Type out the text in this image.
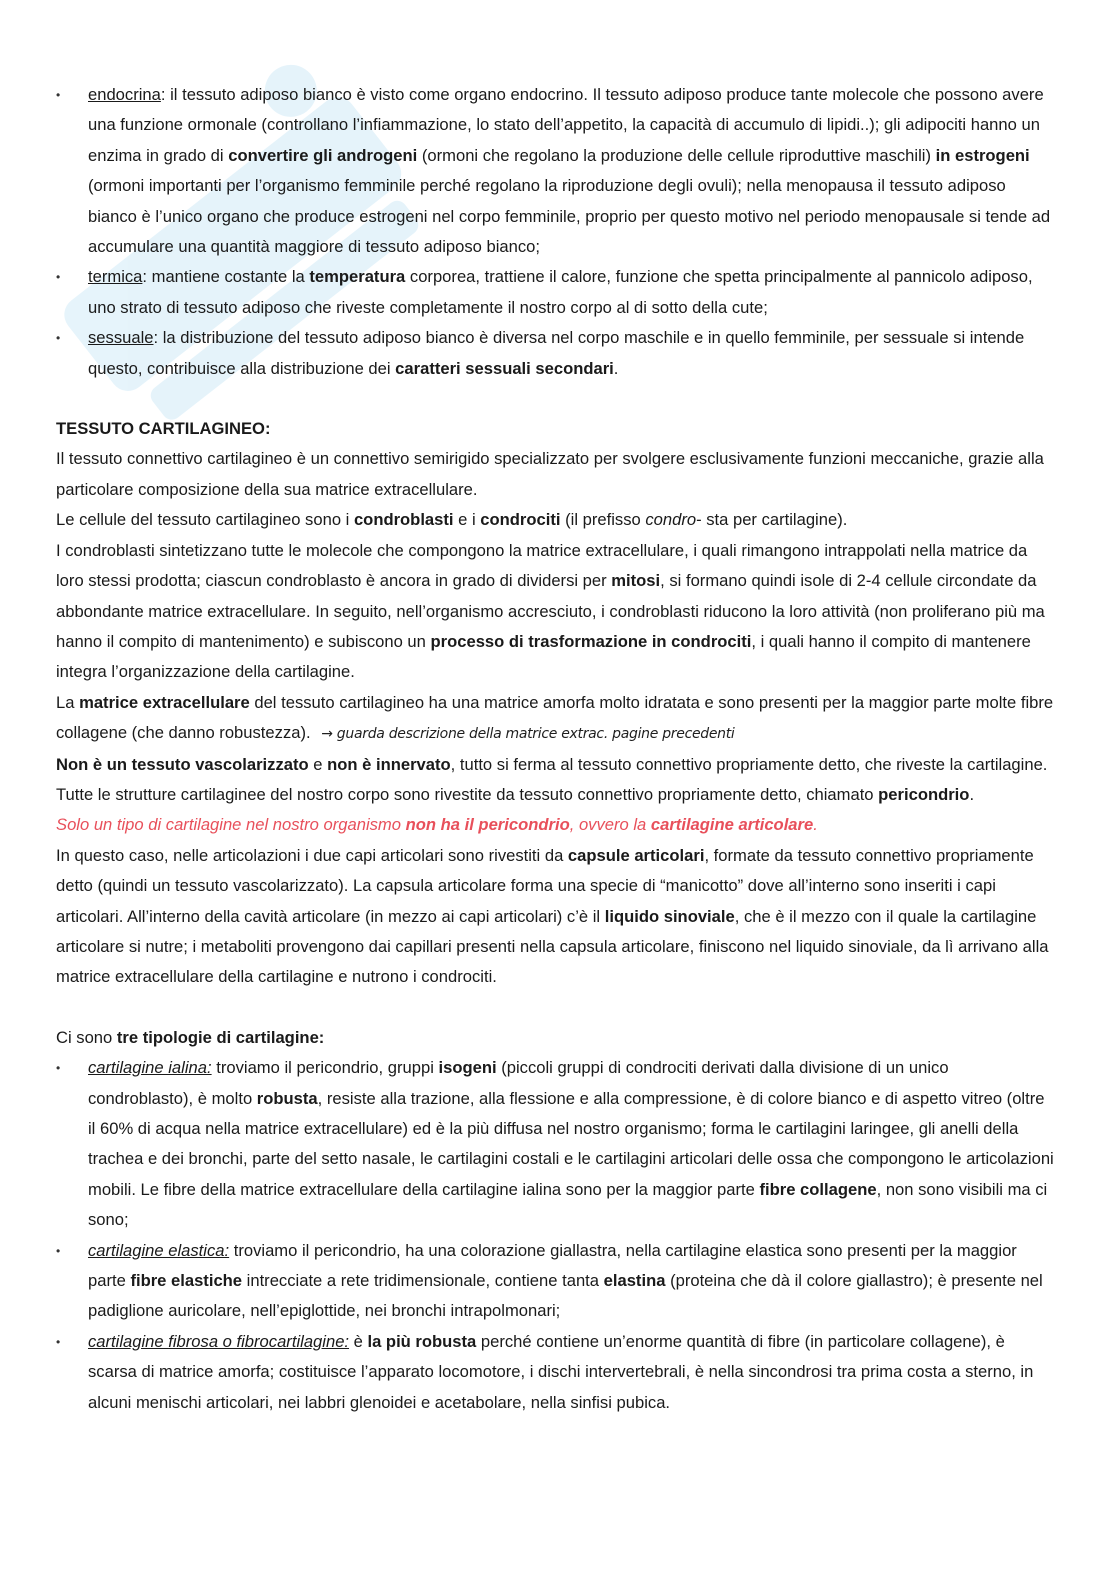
• endocrina: il tessuto adiposo bianco è visto come organo endocrino. Il tessuto adiposo produce tante molecole che possono avere una funzione ormonale (controllano l’infiammazione, lo stato dell’appetito, la capacità di accumulo di lipidi..); gli adipociti hanno un enzima in grado di convertire gli androgeni (ormoni che regolano la produzione delle cellule riproduttive maschili) in estrogeni (ormoni importanti per l’organismo femminile perché regolano la riproduzione degli ovuli); nella menopausa il tessuto adiposo bianco è l’unico organo che produce estrogeni nel corpo femminile, proprio per questo motivo nel periodo menopausale si tende ad accumulare una quantità maggiore di tessuto adiposo bianco;
• termica: mantiene costante la temperatura corporea, trattiene il calore, funzione che spetta principalmente al pannicolo adiposo, uno strato di tessuto adiposo che riveste completamente il nostro corpo al di sotto della cute;
• sessuale: la distribuzione del tessuto adiposo bianco è diversa nel corpo maschile e in quello femminile, per sessuale si intende questo, contribuisce alla distribuzione dei caratteri sessuali secondari.

TESSUTO CARTILAGINEO:

Il tessuto connettivo cartilagineo è un connettivo semirigido specializzato per svolgere esclusivamente funzioni meccaniche, grazie alla particolare composizione della sua matrice extracellulare.

Le cellule del tessuto cartilagineo sono i condroblasti e i condrociti (il prefisso condro- sta per cartilagine).

I condroblasti sintetizzano tutte le molecole che compongono la matrice extracellulare, i quali rimangono intrappolati nella matrice da loro stessi prodotta; ciascun condroblasto è ancora in grado di dividersi per mitosi, si formano quindi isole di 2-4 cellule circondate da abbondante matrice extracellulare. In seguito, nell’organismo accresciuto, i condroblasti riducono la loro attività (non proliferano più ma hanno il compito di mantenimento) e subiscono un processo di trasformazione in condrociti, i quali hanno il compito di mantenere integra l’organizzazione della cartilagine.

La matrice extracellulare del tessuto cartilagineo ha una matrice amorfa molto idratata e sono presenti per la maggior parte molte fibre collagene (che danno robustezza). → guarda descrizione della matrice extrac. pagine precedenti

Non è un tessuto vascolarizzato e non è innervato, tutto si ferma al tessuto connettivo propriamente detto, che riveste la cartilagine. Tutte le strutture cartilaginee del nostro corpo sono rivestite da tessuto connettivo propriamente detto, chiamato pericondrio.

Solo un tipo di cartilagine nel nostro organismo non ha il pericondrio, ovvero la cartilagine articolare.

In questo caso, nelle articolazioni i due capi articolari sono rivestiti da capsule articolari, formate da tessuto connettivo propriamente detto (quindi un tessuto vascolarizzato). La capsula articolare forma una specie di “manicotto” dove all’interno sono inseriti i capi articolari. All’interno della cavità articolare (in mezzo ai capi articolari) c’è il liquido sinoviale, che è il mezzo con il quale la cartilagine articolare si nutre; i metaboliti provengono dai capillari presenti nella capsula articolare, finiscono nel liquido sinoviale, da lì arrivano alla matrice extracellulare della cartilagine e nutrono i condrociti.

Ci sono tre tipologie di cartilagine:

• cartilagine ialina: troviamo il pericondrio, gruppi isogeni (piccoli gruppi di condrociti derivati dalla divisione di un unico condroblasto), è molto robusta, resiste alla trazione, alla flessione e alla compressione, è di colore bianco e di aspetto vitreo (oltre il 60% di acqua nella matrice extracellulare) ed è la più diffusa nel nostro organismo; forma le cartilagini laringee, gli anelli della trachea e dei bronchi, parte del setto nasale, le cartilagini costali e le cartilagini articolari delle ossa che compongono le articolazioni mobili. Le fibre della matrice extracellulare della cartilagine ialina sono per la maggior parte fibre collagene, non sono visibili ma ci sono;
• cartilagine elastica: troviamo il pericondrio, ha una colorazione giallastra, nella cartilagine elastica sono presenti per la maggior parte fibre elastiche intrecciate a rete tridimensionale, contiene tanta elastina (proteina che dà il colore giallastro); è presente nel padiglione auricolare, nell’epiglottide, nei bronchi intrapolmonari;
• cartilagine fibrosa o fibrocartilagine: è la più robusta perché contiene un’enorme quantità di fibre (in particolare collagene), è scarsa di matrice amorfa; costituisce l’apparato locomotore, i dischi intervertebrali, è nella sincondrosi tra prima costa a sterno, in alcuni menischi articolari, nei labbri glenoidei e acetabolare, nella sinfisi pubica.
